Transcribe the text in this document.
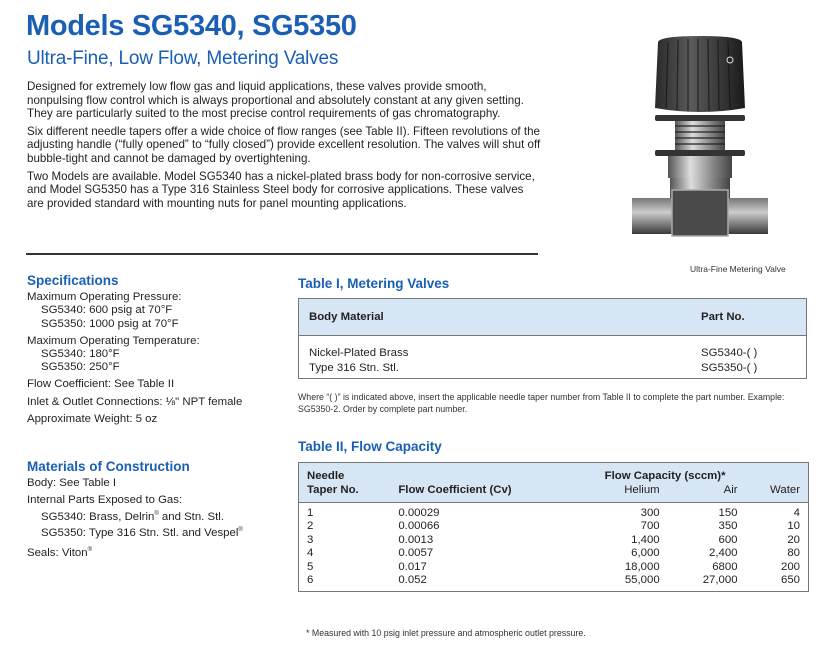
Models SG5340, SG5350
Ultra-Fine, Low Flow, Metering Valves

Designed for extremely low flow gas and liquid applications, these valves provide smooth, nonpulsing flow control which is always proportional and absolutely constant at any given setting. They are particularly suited to the most precise control requirements of gas chromatography.

Six different needle tapers offer a wide choice of flow ranges (see Table II). Fifteen revolutions of the adjusting handle (“fully opened” to “fully closed”) provide excellent resolution. The valves will shut off bubble-tight and cannot be damaged by overtightening.

Two Models are available. Model SG5340 has a nickel-plated brass body for non-corrosive service, and Model SG5350 has a Type 316 Stainless Steel body for corrosive applications. These valves are provided standard with mounting nuts for panel mounting applications.

Ultra-Fine Metering Valve
Specifications
Maximum Operating Pressure:
SG5340: 600 psig at 70°F
SG5350: 1000 psig at 70°F
Maximum Operating Temperature:
SG5340: 180°F
SG5350: 250°F
Flow Coefficient: See Table II
Inlet & Outlet Connections: ⅛" NPT female
Approximate Weight: 5 oz
Materials of Construction
Body: See Table I
Internal Parts Exposed to Gas:
SG5340: Brass, Delrin® and Stn. Stl.
SG5350: Type 316 Stn. Stl. and Vespel®
Seals: Viton®
Table I, Metering Valves
Body Material	Part No.
Nickel-Plated Brass	SG5340-( )
Type 316 Stn. Stl.	SG5350-( )
Where “( )” is indicated above, insert the applicable needle taper number from Table II to complete the part number. Example: SG5350-2. Order by complete part number.
Table II, Flow Capacity
Needle		Flow Capacity (sccm)*		
Taper No.	Flow Coefficient (Cv)	Helium	Air	Water
1	0.00029	300	150	4
2	0.00066	700	350	10
3	0.0013	1,400	600	20
4	0.0057	6,000	2,400	80
5	0.017	18,000	6800	200
6	0.052	55,000	27,000	650
* Measured with 10 psig inlet pressure and atmospheric outlet pressure.
